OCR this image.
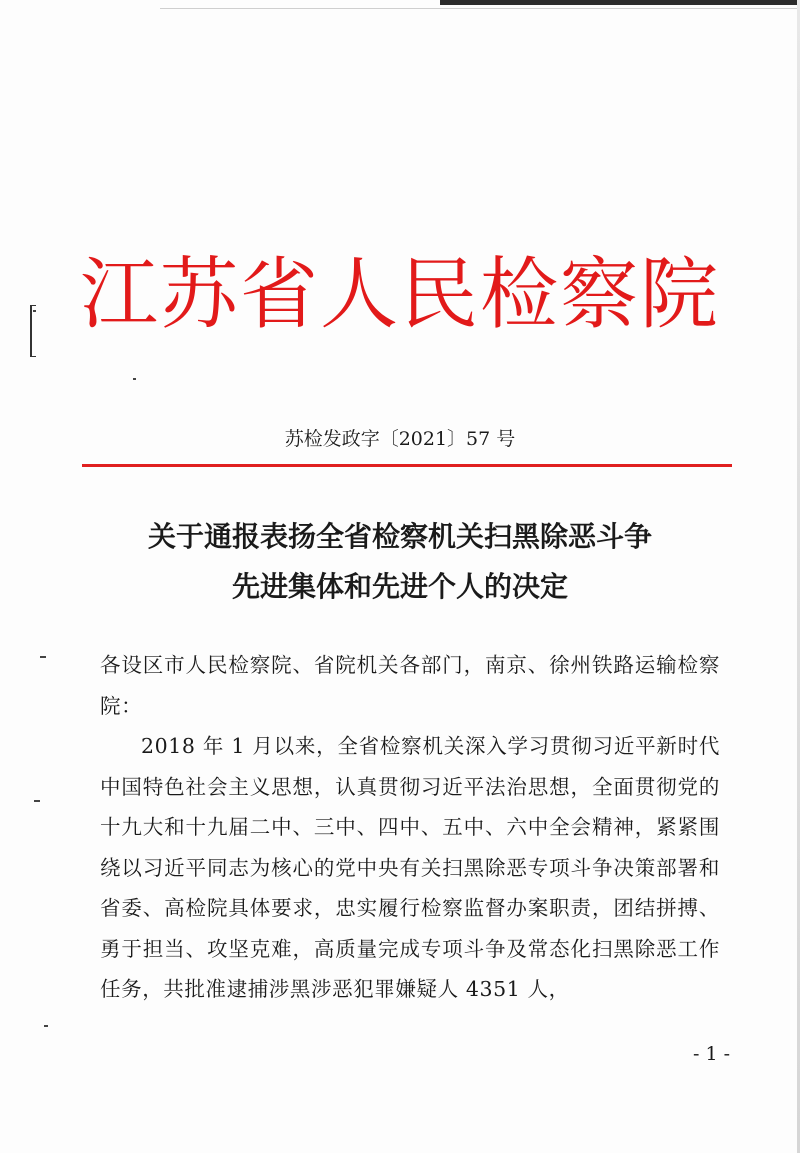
江苏省人民检察院
苏检发政字〔2021〕57 号
关于通报表扬全省检察机关扫黑除恶斗争
先进集体和先进个人的决定

各设区市人民检察院、省院机关各部门，南京、徐州铁路运输检察院：

2018 年 1 月以来，全省检察机关深入学习贯彻习近平新时代中国特色社会主义思想，认真贯彻习近平法治思想，全面贯彻党的十九大和十九届二中、三中、四中、五中、六中全会精神，紧紧围绕以习近平同志为核心的党中央有关扫黑除恶专项斗争决策部署和省委、高检院具体要求，忠实履行检察监督办案职责，团结拼搏、勇于担当、攻坚克难，高质量完成专项斗争及常态化扫黑除恶工作任务，共批准逮捕涉黑涉恶犯罪嫌疑人 4351 人，

- 1 -
